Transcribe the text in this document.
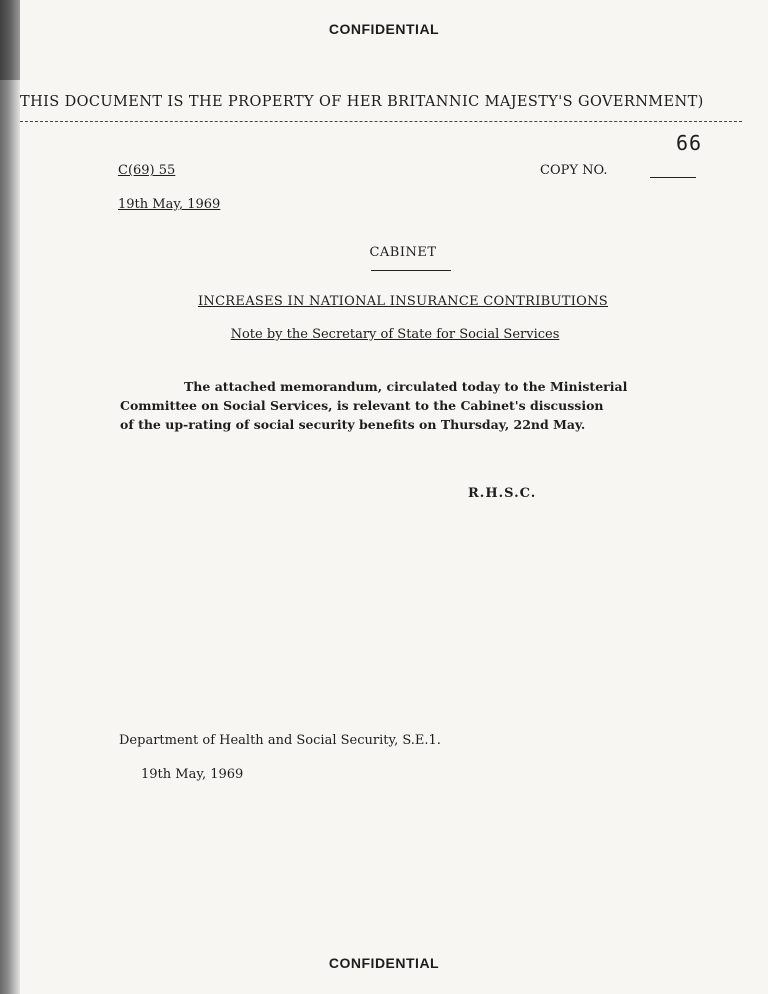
CONFIDENTIAL
THIS DOCUMENT IS THE PROPERTY OF HER BRITANNIC MAJESTY'S GOVERNMENT)
66
C(69) 55	COPY NO.
19th May, 1969
CABINET
INCREASES IN NATIONAL INSURANCE CONTRIBUTIONS
Note by the Secretary of State for Social Services
The attached memorandum, circulated today to the Ministerial
Committee on Social Services, is relevant to the Cabinet's discussion
of the up-rating of social security benefits on Thursday, 22nd May.
R.H.S.C.
Department of Health and Social Security, S.E.1.
19th May, 1969
CONFIDENTIAL
